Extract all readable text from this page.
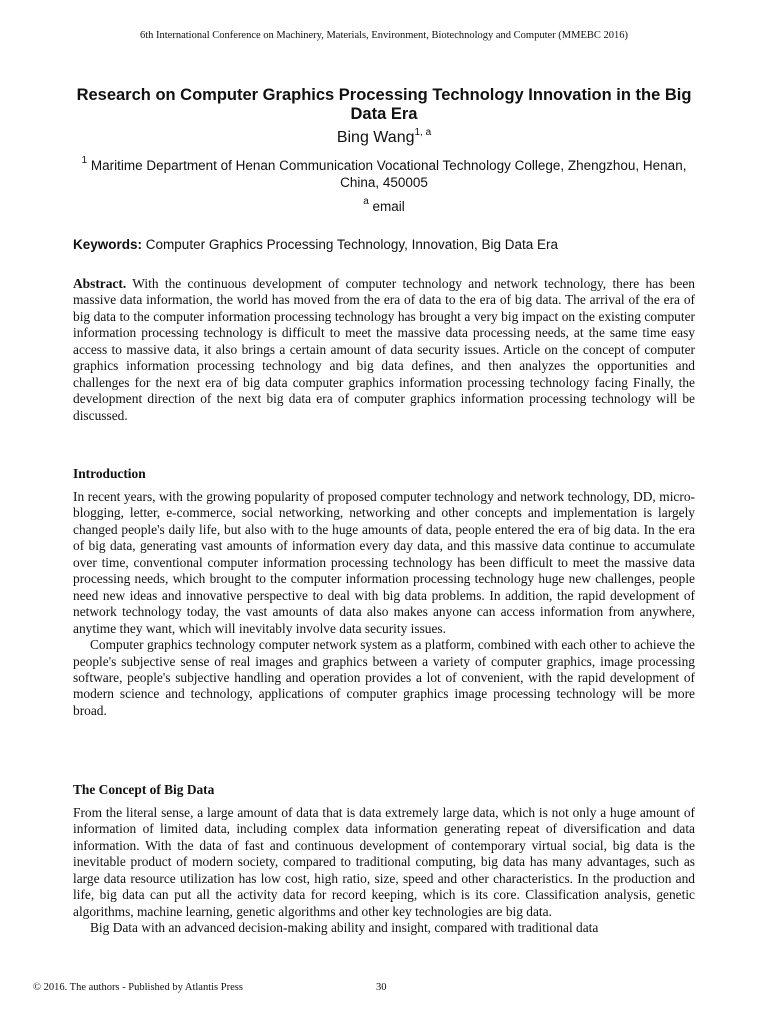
6th International Conference on Machinery, Materials, Environment, Biotechnology and Computer (MMEBC 2016)
Research on Computer Graphics Processing Technology Innovation in the Big Data Era
Bing Wang$^{1, a}$
$^1$ Maritime Department of Henan Communication Vocational Technology College, Zhengzhou, Henan, China, 450005
$^a$ email
Keywords: Computer Graphics Processing Technology, Innovation, Big Data Era

Abstract. With the continuous development of computer technology and network technology, there has been massive data information, the world has moved from the era of data to the era of big data. The arrival of the era of big data to the computer information processing technology has brought a very big impact on the existing computer information processing technology is difficult to meet the massive data processing needs, at the same time easy access to massive data, it also brings a certain amount of data security issues. Article on the concept of computer graphics information processing technology and big data defines, and then analyzes the opportunities and challenges for the next era of big data computer graphics information processing technology facing Finally, the development direction of the next big data era of computer graphics information processing technology will be discussed.

Introduction

In recent years, with the growing popularity of proposed computer technology and network technology, DD, micro-blogging, letter, e-commerce, social networking, networking and other concepts and implementation is largely changed people's daily life, but also with to the huge amounts of data, people entered the era of big data. In the era of big data, generating vast amounts of information every day data, and this massive data continue to accumulate over time, conventional computer information processing technology has been difficult to meet the massive data processing needs, which brought to the computer information processing technology huge new challenges, people need new ideas and innovative perspective to deal with big data problems. In addition, the rapid development of network technology today, the vast amounts of data also makes anyone can access information from anywhere, anytime they want, which will inevitably involve data security issues.

Computer graphics technology computer network system as a platform, combined with each other to achieve the people's subjective sense of real images and graphics between a variety of computer graphics, image processing software, people's subjective handling and operation provides a lot of convenient, with the rapid development of modern science and technology, applications of computer graphics image processing technology will be more broad.

The Concept of Big Data

From the literal sense, a large amount of data that is data extremely large data, which is not only a huge amount of information of limited data, including complex data information generating repeat of diversification and data information. With the data of fast and continuous development of contemporary virtual social, big data is the inevitable product of modern society, compared to traditional computing, big data has many advantages, such as large data resource utilization has low cost, high ratio, size, speed and other characteristics. In the production and life, big data can put all the activity data for record keeping, which is its core. Classification analysis, genetic algorithms, machine learning, genetic algorithms and other key technologies are big data.

Big Data with an advanced decision-making ability and insight, compared with traditional data

© 2016. The authors - Published by Atlantis Press	30
